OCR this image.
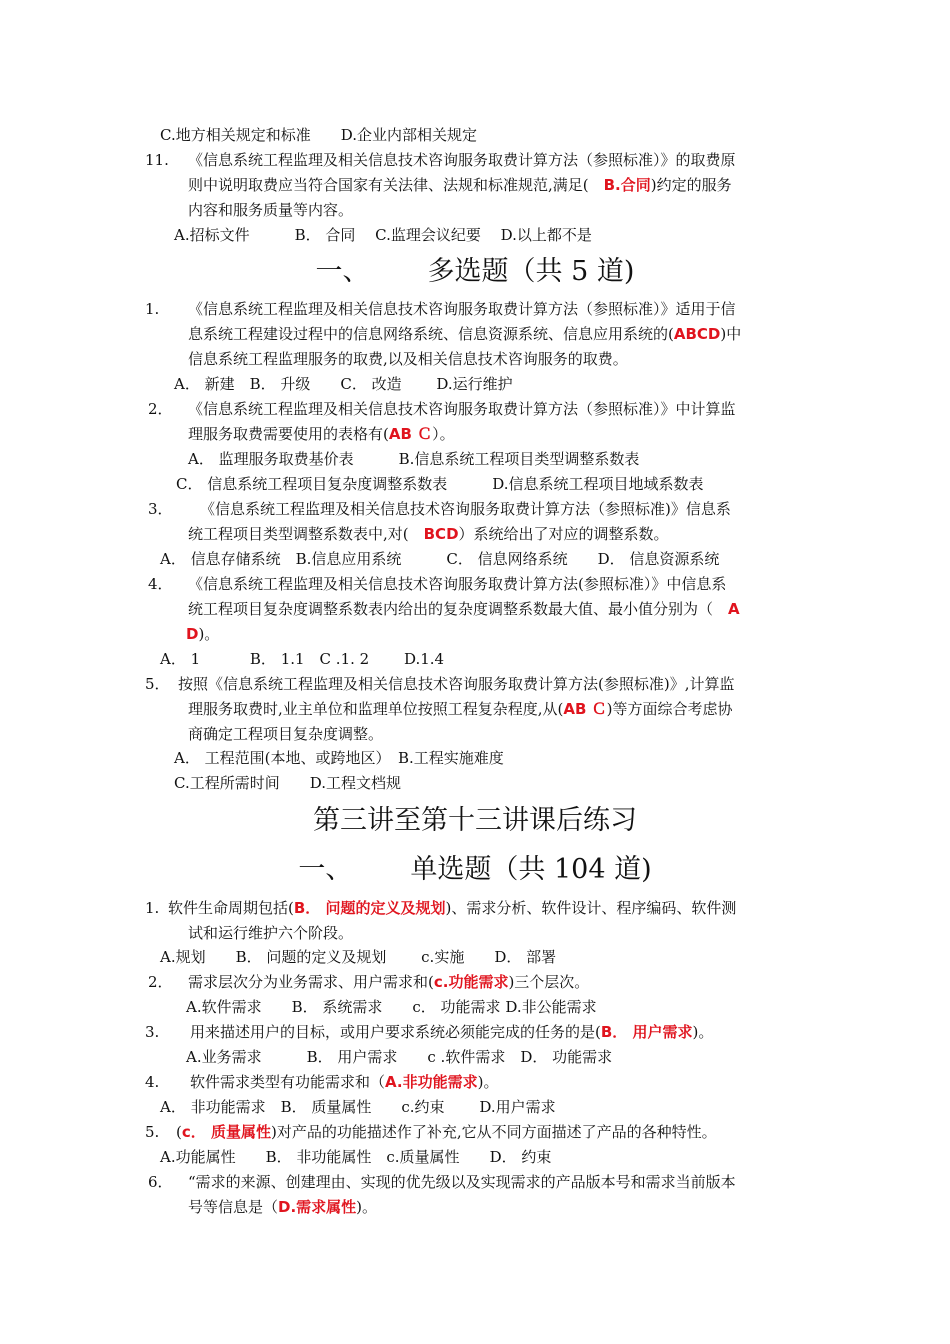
C.地方相关规定和标准　　D.企业内部相关规定
11. 《信息系统工程监理及相关信息技术咨询服务取费计算方法（参照标准）》的取费原
则中说明取费应当符合国家有关法律、法规和标准规范,满足(　B.合同)约定的服务
内容和服务质量等内容。
A.招标文件　　　B． 合同　 C.监理会议纪要　 D.以上都不是
一、 多选题（共 5 道)
1. 《信息系统工程监理及相关信息技术咨询服务取费计算方法（参照标准）》适用于信
息系统工程建设过程中的信息网络系统、信息资源系统、信息应用系统的(ABCD)中
信息系统工程监理服务的取费,以及相关信息技术咨询服务的取费。
A． 新建　B． 升级　　C． 改造　　 D.运行维护
2． 《信息系统工程监理及相关信息技术咨询服务取费计算方法（参照标准）》中计算监
理服务取费需要使用的表格有(AB Ｃ）。
A． 监理服务取费基价表　　　B.信息系统工程项目类型调整系数表
C． 信息系统工程项目复杂度调整系数表　　　D.信息系统工程项目地域系数表
3． 《信息系统工程监理及相关信息技术咨询服务取费计算方法（参照标准)》信息系
统工程项目类型调整系数表中,对(　BCD）系统给出了对应的调整系数。
A． 信息存储系统　B.信息应用系统　　　C． 信息网络系统　　D． 信息资源系统
4． 《信息系统工程监理及相关信息技术咨询服务取费计算方法(参照标准）》中信息系
统工程项目复杂度调整系数表内给出的复杂度调整系数最大值、最小值分别为（　A
D)。
A． 1　　　 B． 1.1　C .1. 2　　 D.1.4
5． 按照《信息系统工程监理及相关信息技术咨询服务取费计算方法(参照标准)》,计算监
理服务取费时,业主单位和监理单位按照工程复杂程度,从(AB Ｃ)等方面综合考虑协
商确定工程项目复杂度调整。
A． 工程范围(本地、或跨地区）　B.工程实施难度
C.工程所需时间　　D.工程文档规
第三讲至第十三讲课后练习
一、 单选题（共 104 道)
1. 软件生命周期包括(B． 问题的定义及规划)、需求分析、软件设计、程序编码、软件测
试和运行维护六个阶段。
A.规划　　B． 问题的定义及规划　　 c.实施　　D． 部署
2． 需求层次分为业务需求、用户需求和(c.功能需求)三个层次。
A.软件需求　　B． 系统需求　　c． 功能需求 D.非公能需求
3. 用来描述用户的目标，或用户要求系统必须能完成的任务的是(B． 用户需求)。
A.业务需求　　　B． 用户需求　　c .软件需求　D． 功能需求
4. 软件需求类型有功能需求和（A.非功能需求)。
A． 非功能需求　B． 质量属性　　c.约束　　 D.用户需求
5. (c． 质量属性)对产品的功能描述作了补充,它从不同方面描述了产品的各种特性。
A.功能属性　　B． 非功能属性　c.质量属性　　D． 约束
6． “需求的来源、创建理由、实现的优先级以及实现需求的产品版本号和需求当前版本
号等信息是（D.需求属性)。
